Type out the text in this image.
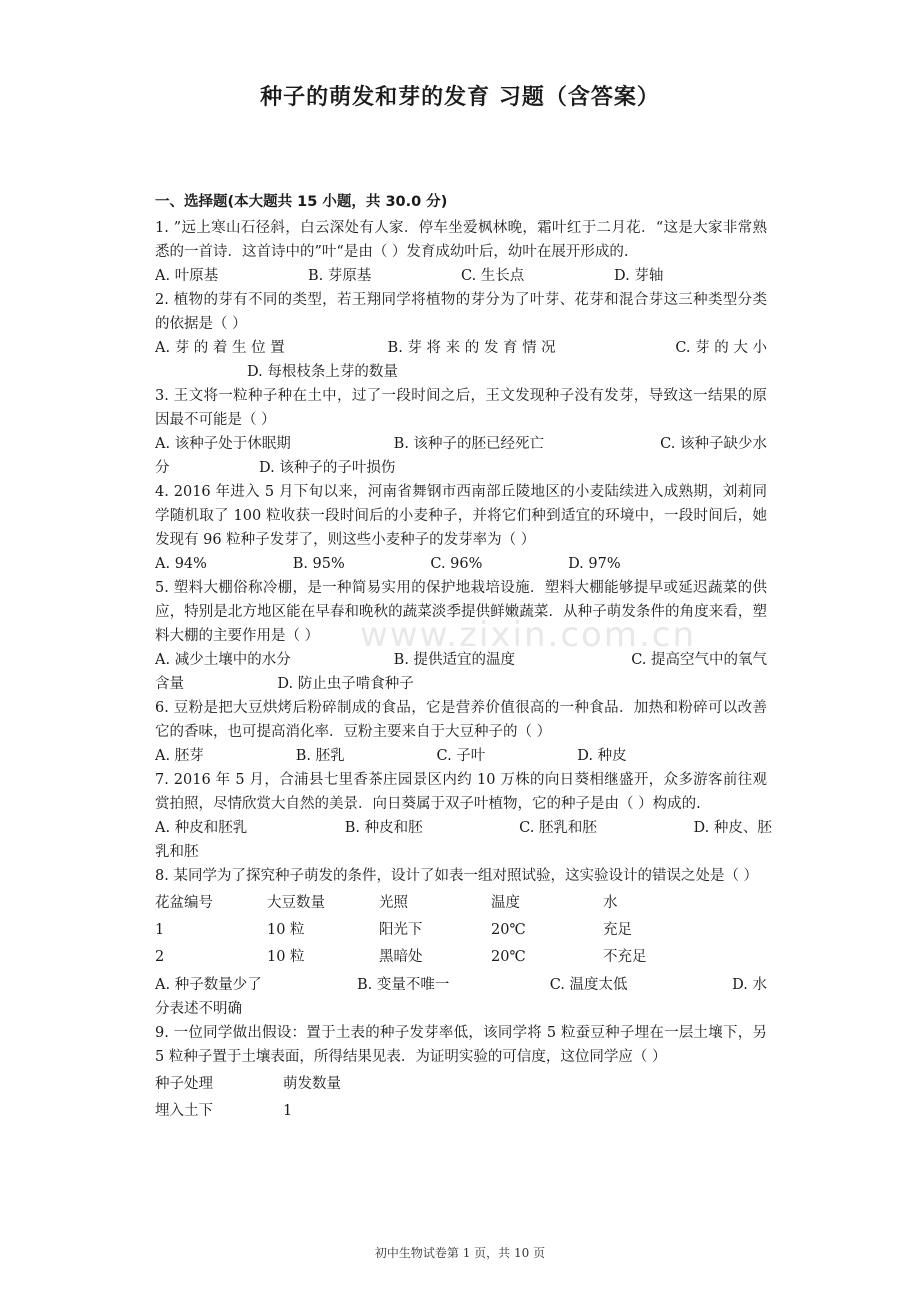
种子的萌发和芽的发育 习题（含答案）
www.zixin.com.cn
一、选择题(本大题共 15 小题，共 30.0 分)
1. ”远上寒山石径斜，白云深处有人家．停车坐爱枫林晚，霜叶红于二月花．“这是大家非常熟悉的一首诗．这首诗中的”叶“是由（ ）发育成幼叶后，幼叶在展开形成的.
A. 叶原基	B. 芽原基	C. 生长点	D. 芽轴
2. 植物的芽有不同的类型，若王翔同学将植物的芽分为了叶芽、花芽和混合芽这三种类型分类的依据是（ ）
A. 芽 的 着 生 位 置	B. 芽 将 来 的 发 育 情 况	C. 芽 的 大 小
D. 每根枝条上芽的数量
3. 王文将一粒种子种在土中，过了一段时间之后，王文发现种子没有发芽，导致这一结果的原因最不可能是（ ）
A. 该种子处于休眠期	B. 该种子的胚已经死亡	C. 该种子缺少水
分	D. 该种子的子叶损伤
4. 2016 年进入 5 月下旬以来，河南省舞钢市西南部丘陵地区的小麦陆续进入成熟期，刘莉同学随机取了 100 粒收获一段时间后的小麦种子，并将它们种到适宜的环境中，一段时间后，她发现有 96 粒种子发芽了，则这些小麦种子的发芽率为（ ）
A. 94%	B. 95%	C. 96%	D. 97%
5. 塑料大棚俗称冷棚，是一种简易实用的保护地栽培设施．塑料大棚能够提早或延迟蔬菜的供应，特别是北方地区能在早春和晚秋的蔬菜淡季提供鲜嫩蔬菜．从种子萌发条件的角度来看，塑料大棚的主要作用是（ ）
A. 减少土壤中的水分	B. 提供适宜的温度	C. 提高空气中的氧气
含量	D. 防止虫子啃食种子
6. 豆粉是把大豆烘烤后粉碎制成的食品，它是营养价值很高的一种食品．加热和粉碎可以改善它的香味，也可提高消化率．豆粉主要来自于大豆种子的（ ）
A. 胚芽	B. 胚乳	C. 子叶	D. 种皮
7. 2016 年 5 月，合浦县七里香茶庄园景区内约 10 万株的向日葵相继盛开，众多游客前往观赏拍照，尽情欣赏大自然的美景．向日葵属于双子叶植物，它的种子是由（ ）构成的.
A. 种皮和胚乳	B. 种皮和胚	C. 胚乳和胚	D. 种皮、胚
乳和胚
8. 某同学为了探究种子萌发的条件，设计了如表一组对照试验，这实验设计的错误之处是（ ）
花盆编号	大豆数量	光照	温度	水
1	10 粒	阳光下	20℃	充足
2	10 粒	黑暗处	20℃	不充足
A. 种子数量少了	B. 变量不唯一	C. 温度太低	D. 水
分表述不明确
9. 一位同学做出假设：置于土表的种子发芽率低，该同学将 5 粒蚕豆种子埋在一层土壤下，另 5 粒种子置于土壤表面，所得结果见表．为证明实验的可信度，这位同学应（ ）
种子处理	萌发数量
埋入土下	1
初中生物试卷第 1 页，共 10 页
